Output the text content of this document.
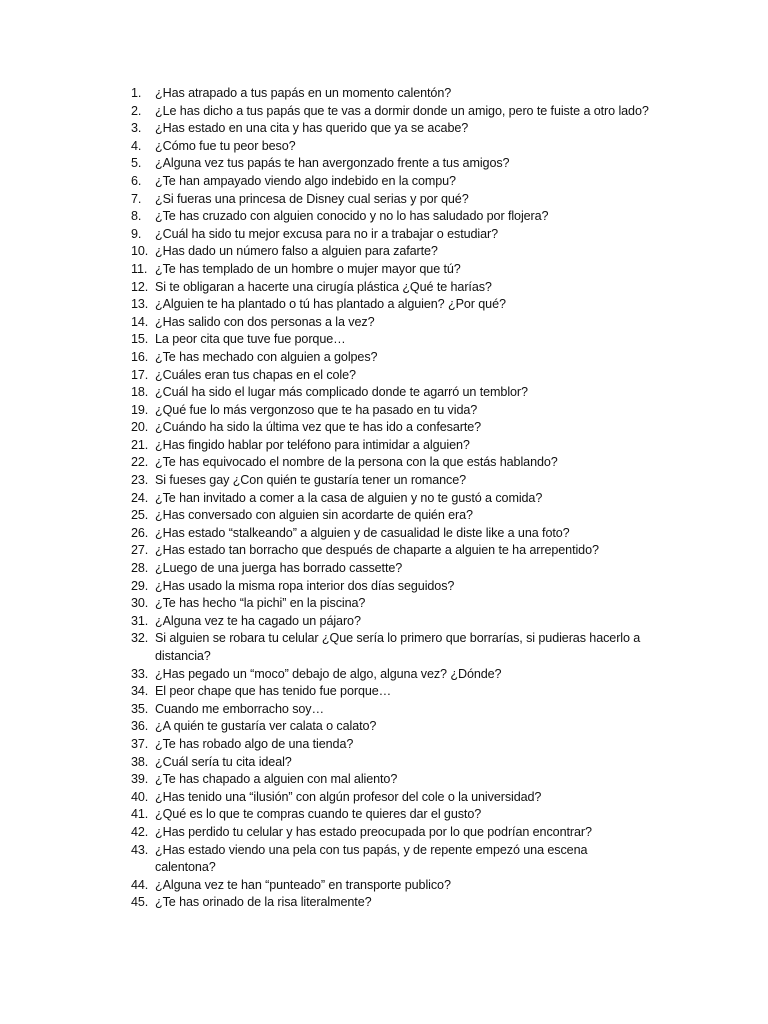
1.	¿Has atrapado a tus papás en un momento calentón?
2.	¿Le has dicho a tus papás que te vas a dormir donde un amigo, pero te fuiste a otro lado?
3.	¿Has estado en una cita y has querido que ya se acabe?
4.	¿Cómo fue tu peor beso?
5.	¿Alguna vez tus papás te han avergonzado frente a tus amigos?
6.	¿Te han ampayado viendo algo indebido en la compu?
7.	¿Si fueras una princesa de Disney cual serias y por qué?
8.	¿Te has cruzado con alguien conocido y no lo has saludado por flojera?
9.	¿Cuál ha sido tu mejor excusa para no ir a trabajar o estudiar?
10. ¿Has dado un número falso a alguien para zafarte?
11. ¿Te has templado de un hombre o mujer mayor que tú?
12. Si te obligaran a hacerte una cirugía plástica ¿Qué te harías?
13. ¿Alguien te ha plantado o tú has plantado a alguien? ¿Por qué?
14. ¿Has salido con dos personas a la vez?
15. La peor cita que tuve fue porque…
16. ¿Te has mechado con alguien a golpes?
17. ¿Cuáles eran tus chapas en el cole?
18. ¿Cuál ha sido el lugar más complicado donde te agarró un temblor?
19. ¿Qué fue lo más vergonzoso que te ha pasado en tu vida?
20. ¿Cuándo ha sido la última vez que te has ido a confesarte?
21. ¿Has fingido hablar por teléfono para intimidar a alguien?
22. ¿Te has equivocado el nombre de la persona con la que estás hablando?
23. Si fueses gay ¿Con quién te gustaría tener un romance?
24. ¿Te han invitado a comer a la casa de alguien y no te gustó a comida?
25. ¿Has conversado con alguien sin acordarte de quién era?
26. ¿Has estado “stalkeando” a alguien y de casualidad le diste like a una foto?
27. ¿Has estado tan borracho que después de chaparte a alguien te ha arrepentido?
28. ¿Luego de una juerga has borrado cassette?
29. ¿Has usado la misma ropa interior dos días seguidos?
30. ¿Te has hecho “la pichi” en la piscina?
31. ¿Alguna vez te ha cagado un pájaro?
32. Si alguien se robara tu celular ¿Que sería lo primero que borrarías, si pudieras hacerlo a distancia?
33. ¿Has pegado un “moco” debajo de algo, alguna vez? ¿Dónde?
34. El peor chape que has tenido fue porque…
35. Cuando me emborracho soy…
36. ¿A quién te gustaría ver calata o calato?
37. ¿Te has robado algo de una tienda?
38. ¿Cuál sería tu cita ideal?
39. ¿Te has chapado a alguien con mal aliento?
40. ¿Has tenido una “ilusión” con algún profesor del cole o la universidad?
41. ¿Qué es lo que te compras cuando te quieres dar el gusto?
42. ¿Has perdido tu celular y has estado preocupada por lo que podrían encontrar?
43. ¿Has estado viendo una pela con tus papás, y de repente empezó una escena calentona?
44. ¿Alguna vez te han “punteado” en transporte publico?
45. ¿Te has orinado de la risa literalmente?
